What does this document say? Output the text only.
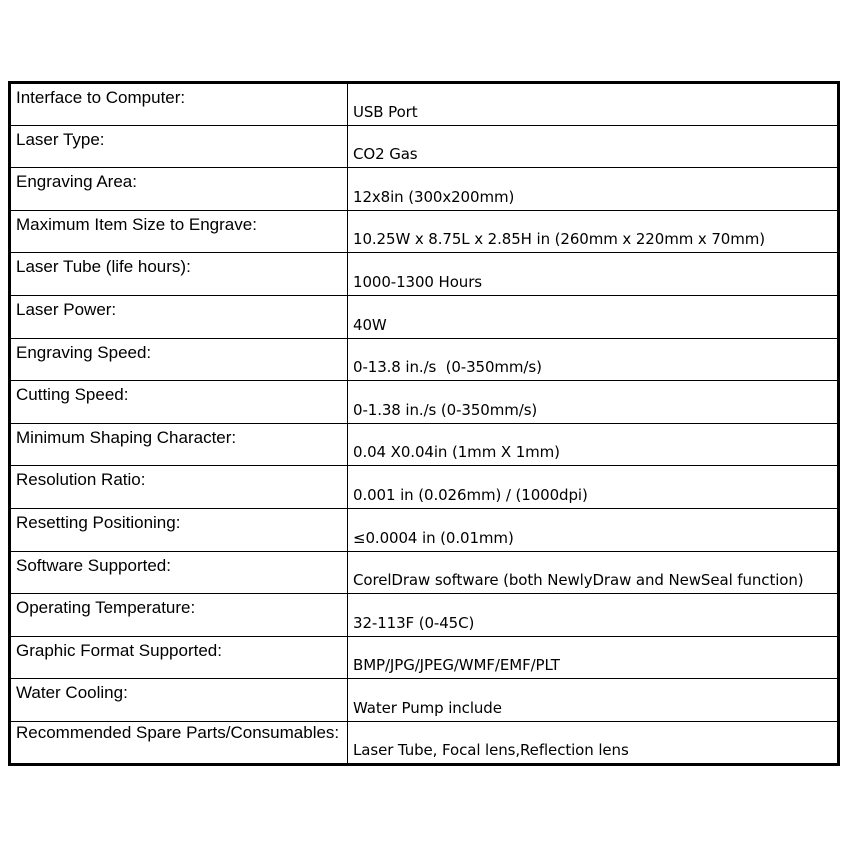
Interface to Computer:	USB Port
Laser Type:	CO2 Gas
Engraving Area:	12x8in (300x200mm)
Maximum Item Size to Engrave:	10.25W x 8.75L x 2.85H in (260mm x 220mm x 70mm)
Laser Tube (life hours):	1000-1300 Hours
Laser Power:	40W
Engraving Speed:	0-13.8 in./s  (0-350mm/s)
Cutting Speed:	0-1.38 in./s (0-350mm/s)
Minimum Shaping Character:	0.04 X0.04in (1mm X 1mm)
Resolution Ratio:	0.001 in (0.026mm) / (1000dpi)
Resetting Positioning:	≤0.0004 in (0.01mm)
Software Supported:	CorelDraw software (both NewlyDraw and NewSeal function)
Operating Temperature:	32-113F (0-45C)
Graphic Format Supported:	BMP/JPG/JPEG/WMF/EMF/PLT
Water Cooling:	Water Pump include
Recommended Spare Parts/Consumables:	Laser Tube, Focal lens,Reflection lens
